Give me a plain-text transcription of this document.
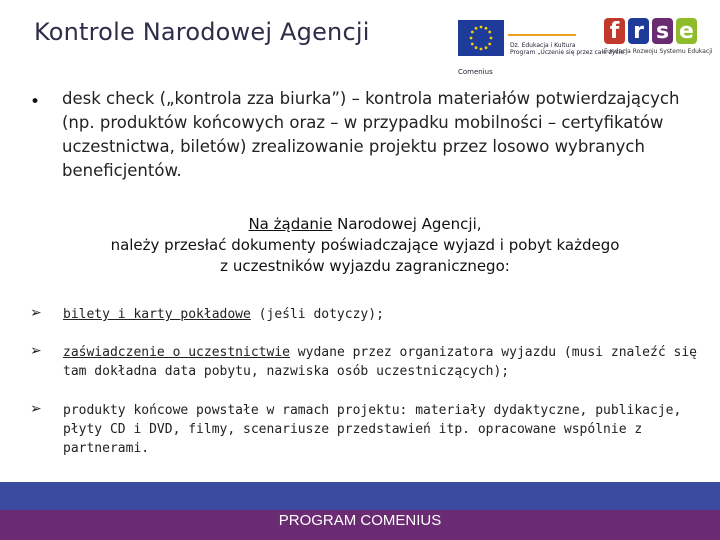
Kontrole Narodowej Agencji	Dz. Edukacja i Kultura
Program „Uczenie się przez całe życie”
Comenius
f r s e
Fundacja Rozwoju Systemu Edukacji
• desk check („kontrola zza biurka”) – kontrola materiałów potwierdzających (np. produktów końcowych oraz – w przypadku mobilności – certyfikatów uczestnictwa, biletów) zrealizowanie projektu przez losowo wybranych beneficjentów.
Na żądanie Narodowej Agencji,
należy przesłać dokumenty poświadczające wyjazd i pobyt każdego
z uczestników wyjazdu zagranicznego:
➢ bilety i karty pokładowe (jeśli dotyczy);
➢ zaświadczenie o uczestnictwie wydane przez organizatora wyjazdu (musi znaleźć się tam dokładna data pobytu, nazwiska osób uczestniczących);
➢ produkty końcowe powstałe w ramach projektu: materiały dydaktyczne, publikacje, płyty CD i DVD, filmy, scenariusze przedstawień itp. opracowane wspólnie z partnerami.
PROGRAM COMENIUS
